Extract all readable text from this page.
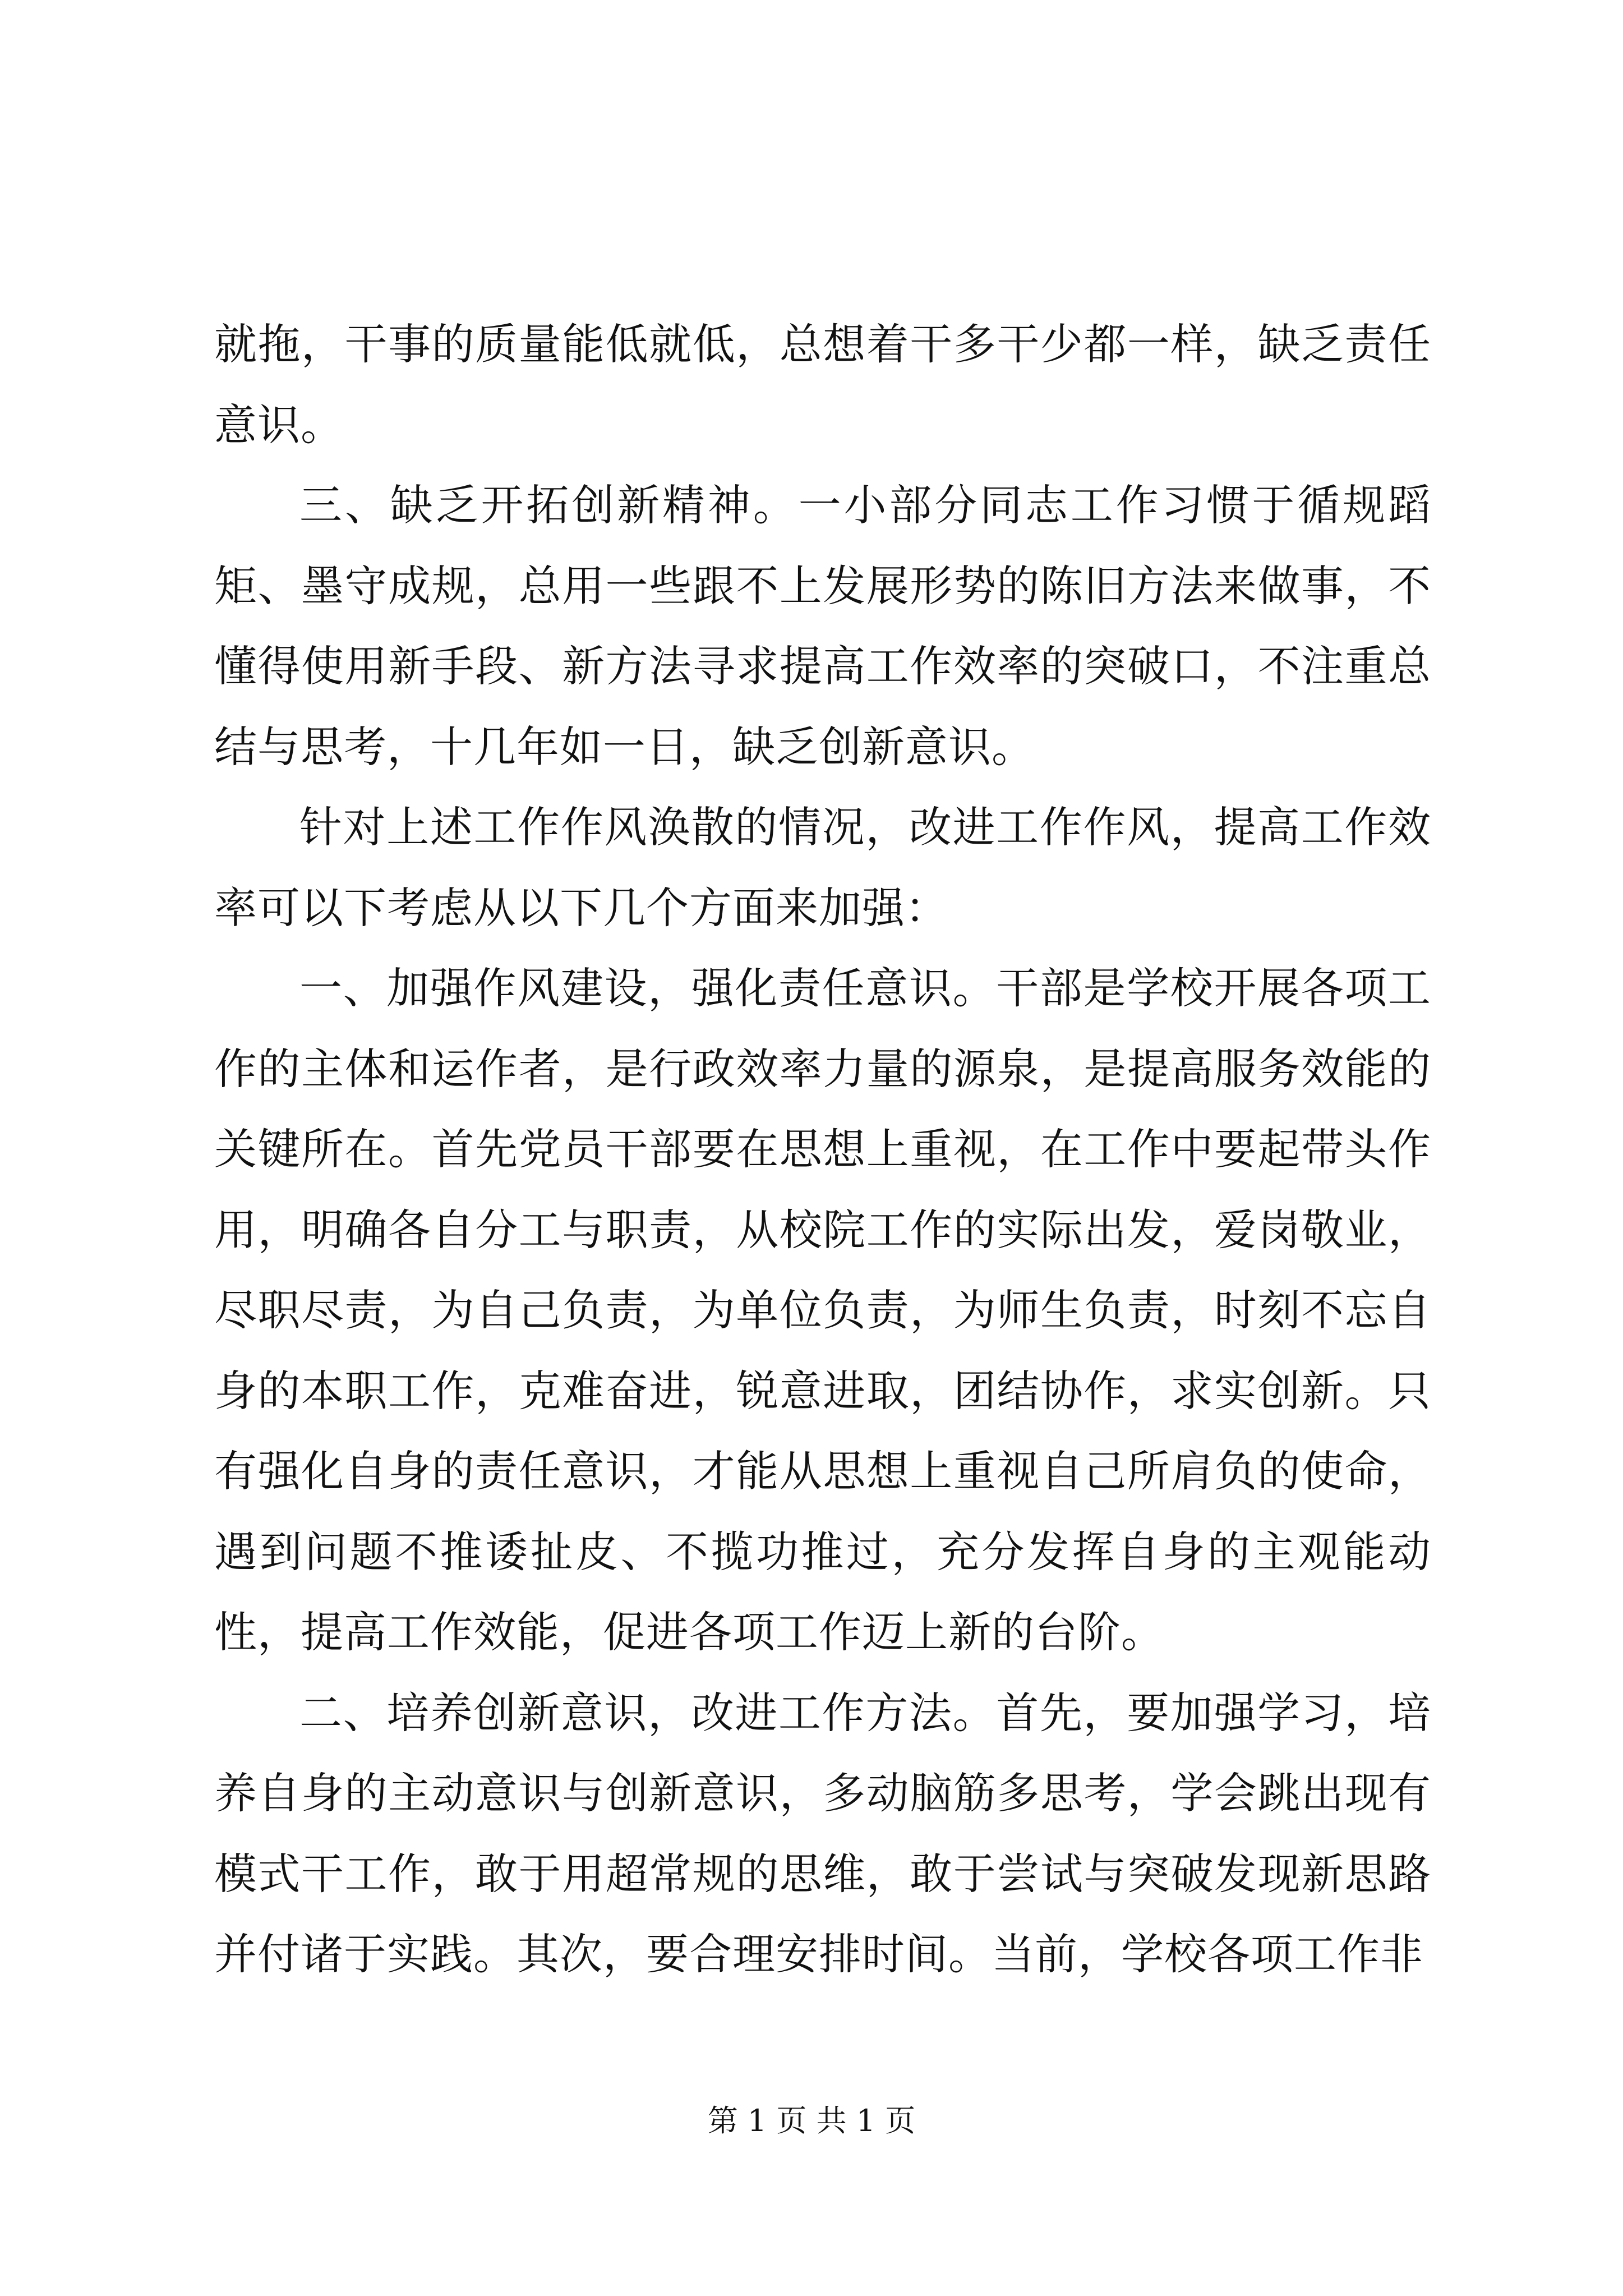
就拖，干事的质量能低就低，总想着干多干少都一样，缺乏责任意识。

三、缺乏开拓创新精神。一小部分同志工作习惯于循规蹈矩、墨守成规，总用一些跟不上发展形势的陈旧方法来做事，不懂得使用新手段、新方法寻求提高工作效率的突破口，不注重总结与思考，十几年如一日，缺乏创新意识。

针对上述工作作风涣散的情况，改进工作作风，提高工作效率可以下考虑从以下几个方面来加强：

一、加强作风建设，强化责任意识。干部是学校开展各项工作的主体和运作者，是行政效率力量的源泉，是提高服务效能的关键所在。首先党员干部要在思想上重视，在工作中要起带头作用，明确各自分工与职责，从校院工作的实际出发，爱岗敬业，尽职尽责，为自己负责，为单位负责，为师生负责，时刻不忘自身的本职工作，克难奋进，锐意进取，团结协作，求实创新。只有强化自身的责任意识，才能从思想上重视自己所肩负的使命，遇到问题不推诿扯皮、不揽功推过，充分发挥自身的主观能动性，提高工作效能，促进各项工作迈上新的台阶。

二、培养创新意识，改进工作方法。首先，要加强学习，培养自身的主动意识与创新意识，多动脑筋多思考，学会跳出现有模式干工作，敢于用超常规的思维，敢于尝试与突破发现新思路并付诸于实践。其次，要合理安排时间。当前，学校各项工作非

第 1 页 共 1 页
